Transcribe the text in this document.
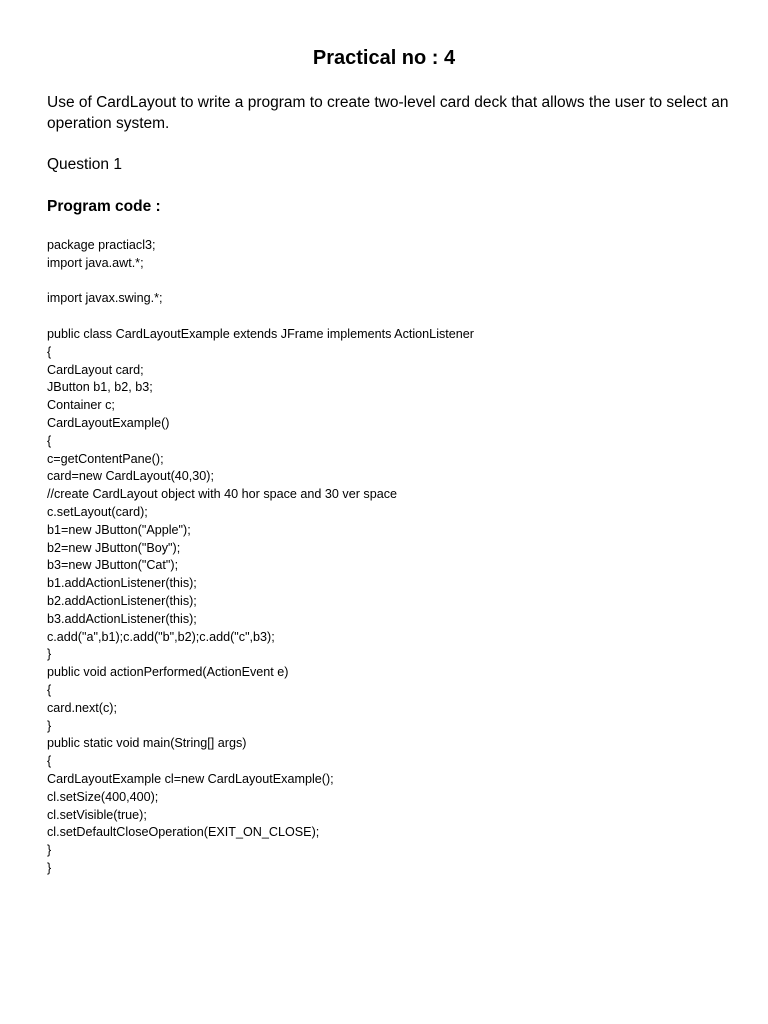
Practical no : 4
Use of CardLayout to write a program to create two-level card deck that allows the user to select an operation system.
Question 1
Program code :
package practiacl3;
import java.awt.*;
import javax.swing.*;
public class CardLayoutExample extends JFrame implements ActionListener
{
CardLayout card;
JButton b1, b2, b3;
Container c;
CardLayoutExample()
{
c=getContentPane();
card=new CardLayout(40,30);
//create CardLayout object with 40 hor space and 30 ver space
c.setLayout(card);
b1=new JButton("Apple");
b2=new JButton("Boy");
b3=new JButton("Cat");
b1.addActionListener(this);
b2.addActionListener(this);
b3.addActionListener(this);
c.add("a",b1);c.add("b",b2);c.add("c",b3);
}
public void actionPerformed(ActionEvent e)
{
card.next(c);
}
public static void main(String[] args)
{
CardLayoutExample cl=new CardLayoutExample();
cl.setSize(400,400);
cl.setVisible(true);
cl.setDefaultCloseOperation(EXIT_ON_CLOSE);
}
}
